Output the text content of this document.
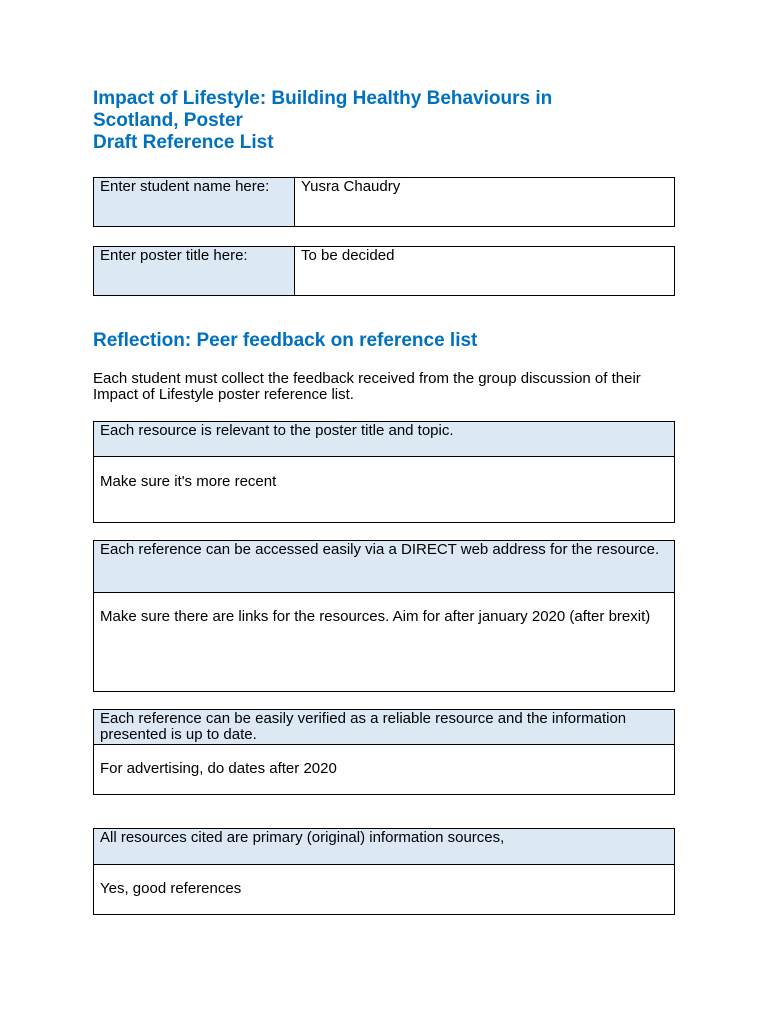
Impact of Lifestyle: Building Healthy Behaviours in
Scotland, Poster
Draft Reference List
Enter student name here:	Yusra Chaudry
Enter poster title here:	To be decided
Reflection: Peer feedback on reference list

Each student must collect the feedback received from the group discussion of their Impact of Lifestyle poster reference list.

Each resource is relevant to the poster title and topic.
Make sure it's more recent
Each reference can be accessed easily via a DIRECT web address for the resource.
Make sure there are links for the resources. Aim for after january 2020 (after brexit)
Each reference can be easily verified as a reliable resource and the information presented is up to date.
For advertising, do dates after 2020
All resources cited are primary (original) information sources,
Yes, good references
